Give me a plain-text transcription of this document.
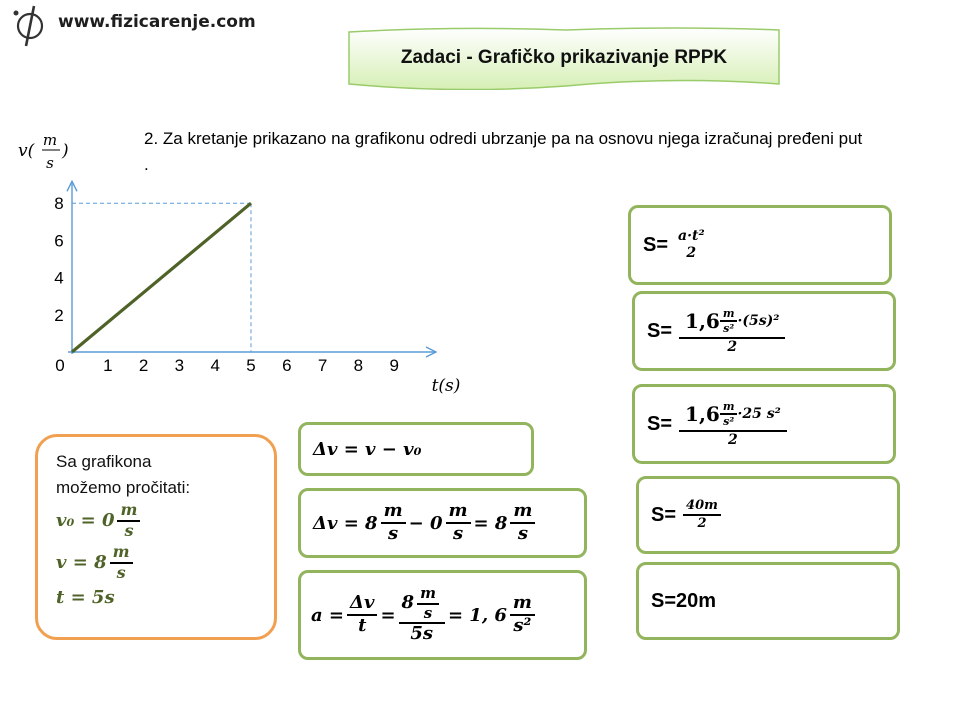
www.fizicarenje.com
Zadaci - Grafičko prikazivanje RPPK
2. Za kretanje prikazano na grafikonu odredi ubrzanje pa na osnovu njega izračunaj pređeni put .
0 1 2 3 4 5 6 7 8 9
2
4
6
8
v(
m
s
)
t(s)
Sa grafikona
možemo pročitati:
$v_0 = 0 \frac{m}{s}$
$v = 8 \frac{m}{s}$
t = 5s
Δv = v − v₀
$\Delta v = 8 \frac{m}{s} - 0 \frac{m}{s} = 8 \frac{m}{s}$
$a = \frac{\Delta v}{t} = \frac{8 \frac{m}{s}}{5s} = 1$, $6 \frac{m}{\text{s²}}$
S= a·t²
2
$S= \frac{1,6 \frac{m}{\text{s²}} \cdot(5s)^2}{2}$
$S= \frac{1,6 \frac{m}{\text{s²}} \cdot 25 s^2}{2}$
$S= \frac{40m}{2}$
S=20m
